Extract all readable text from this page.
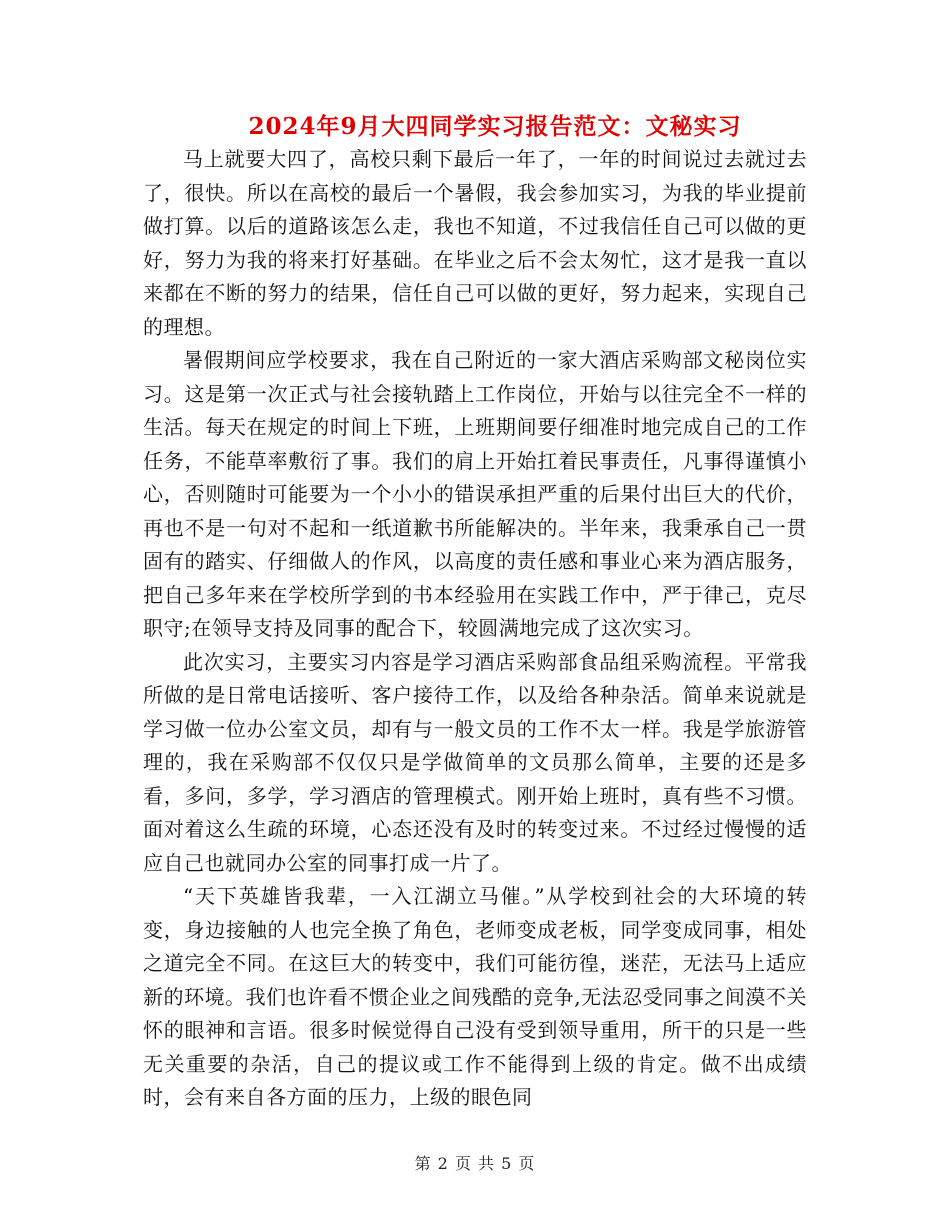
2024年9月大四同学实习报告范文：文秘实习

马上就要大四了，高校只剩下最后一年了，一年的时间说过去就过去了，很快。所以在高校的最后一个暑假，我会参加实习，为我的毕业提前做打算。以后的道路该怎么走，我也不知道，不过我信任自己可以做的更好，努力为我的将来打好基础。在毕业之后不会太匆忙，这才是我一直以来都在不断的努力的结果，信任自己可以做的更好，努力起来，实现自己的理想。

暑假期间应学校要求，我在自己附近的一家大酒店采购部文秘岗位实习。这是第一次正式与社会接轨踏上工作岗位，开始与以往完全不一样的生活。每天在规定的时间上下班，上班期间要仔细准时地完成自己的工作任务，不能草率敷衍了事。我们的肩上开始扛着民事责任，凡事得谨慎小心，否则随时可能要为一个小小的错误承担严重的后果付出巨大的代价，再也不是一句对不起和一纸道歉书所能解决的。半年来，我秉承自己一贯固有的踏实、仔细做人的作风，以高度的责任感和事业心来为酒店服务，把自己多年来在学校所学到的书本经验用在实践工作中，严于律己，克尽职守;在领导支持及同事的配合下，较圆满地完成了这次实习。

此次实习，主要实习内容是学习酒店采购部食品组采购流程。平常我所做的是日常电话接听、客户接待工作，以及给各种杂活。简单来说就是学习做一位办公室文员，却有与一般文员的工作不太一样。我是学旅游管理的，我在采购部不仅仅只是学做简单的文员那么简单，主要的还是多看，多问，多学，学习酒店的管理模式。刚开始上班时，真有些不习惯。面对着这么生疏的环境，心态还没有及时的转变过来。不过经过慢慢的适应自己也就同办公室的同事打成一片了。

“天下英雄皆我辈，一入江湖立马催。”从学校到社会的大环境的转变，身边接触的人也完全换了角色，老师变成老板，同学变成同事，相处之道完全不同。在这巨大的转变中，我们可能彷徨，迷茫，无法马上适应新的环境。我们也许看不惯企业之间残酷的竞争,无法忍受同事之间漠不关怀的眼神和言语。很多时候觉得自己没有受到领导重用，所干的只是一些无关重要的杂活，自己的提议或工作不能得到上级的肯定。做不出成绩时，会有来自各方面的压力，上级的眼色同

第 2 页 共 5 页
